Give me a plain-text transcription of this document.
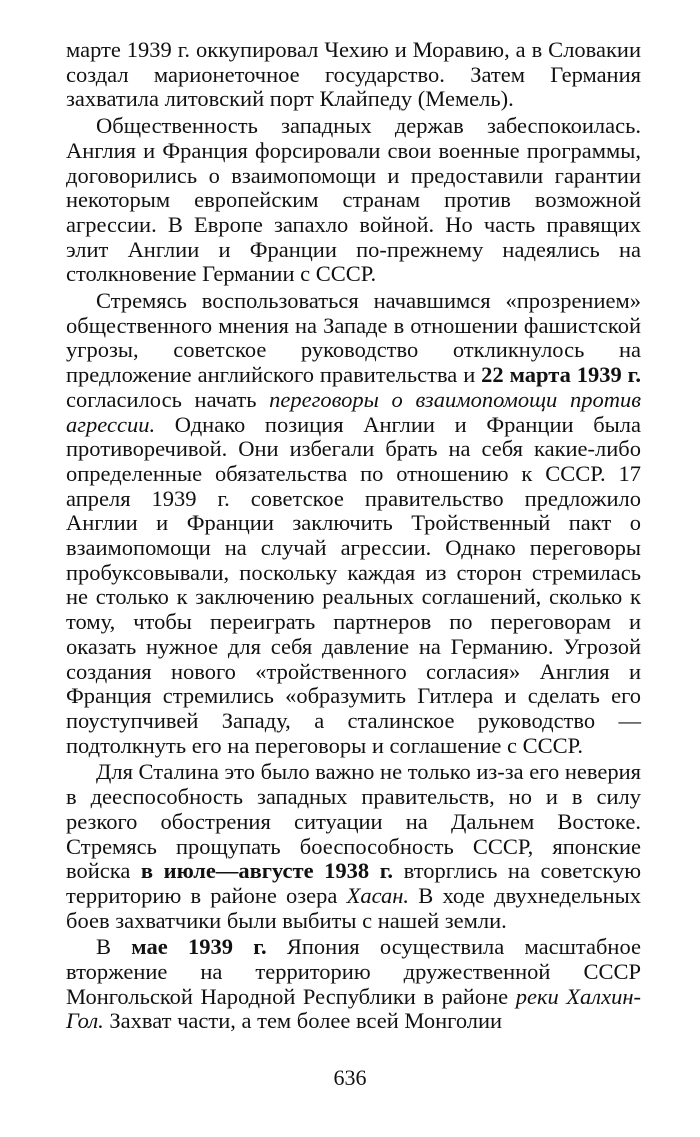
марте 1939 г. оккупировал Чехию и Моравию, а в Словакии создал марионеточное государство. Затем Германия захватила литовский порт Клайпеду (Мемель).

Общественность западных держав забеспокоилась. Англия и Франция форсировали свои военные программы, договорились о взаимопомощи и предоставили гарантии некоторым европейским странам против возможной агрессии. В Европе запахло войной. Но часть правящих элит Англии и Франции по-прежнему надеялись на столкновение Германии с СССР.

Стремясь воспользоваться начавшимся «прозрением» общественного мнения на Западе в отношении фашистской угрозы, советское руководство откликнулось на предложение английского правительства и 22 марта 1939 г. согласилось начать переговоры о взаимопомощи против агрессии. Однако позиция Англии и Франции была противоречивой. Они избегали брать на себя какие-либо определенные обязательства по отношению к СССР. 17 апреля 1939 г. советское правительство предложило Англии и Франции заключить Тройственный пакт о взаимопомощи на случай агрессии. Однако переговоры пробуксовывали, поскольку каждая из сторон стремилась не столько к заключению реальных соглашений, сколько к тому, чтобы переиграть партнеров по переговорам и оказать нужное для себя давление на Германию. Угрозой создания нового «тройственного согласия» Англия и Франция стремились «образумить Гитлера и сделать его поуступчивей Западу, а сталинское руководство — подтолкнуть его на переговоры и соглашение с СССР.

Для Сталина это было важно не только из-за его неверия в дееспособность западных правительств, но и в силу резкого обострения ситуации на Дальнем Востоке. Стремясь прощупать боеспособность СССР, японские войска в июле—августе 1938 г. вторглись на советскую территорию в районе озера Хасан. В ходе двухнедельных боев захватчики были выбиты с нашей земли.

В мае 1939 г. Япония осуществила масштабное вторжение на территорию дружественной СССР Монгольской Народной Республики в районе реки Халхин-Гол. Захват части, а тем более всей Монголии

636
